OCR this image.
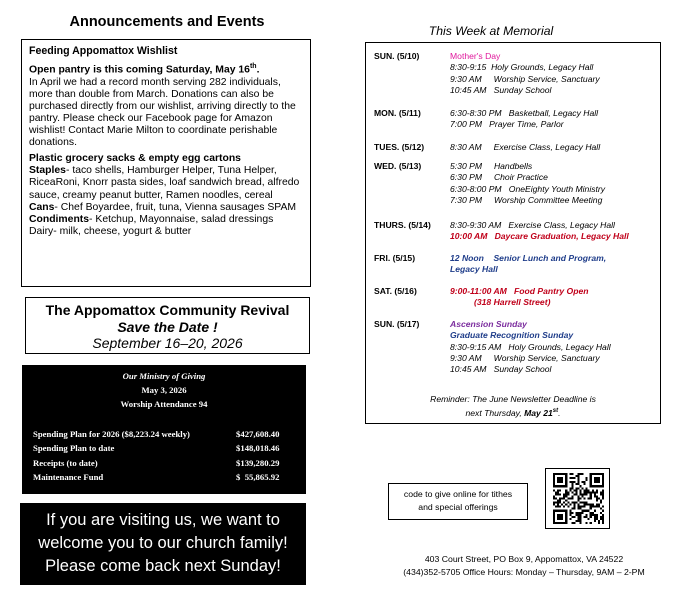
Announcements and Events

Feeding Appomattox Wishlist

Open pantry is this coming Saturday, May 16th.

In April we had a record month serving 282 individuals, more than double from March. Donations can also be purchased directly from our wishlist, arriving directly to the pantry. Please check our Facebook page for Amazon wishlist! Contact Marie Milton to coordinate perishable donations.

Plastic grocery sacks & empty egg cartons

Staples- taco shells, Hamburger Helper, Tuna Helper, RiceaRoni, Knorr pasta sides, loaf sandwich bread, alfredo sauce, creamy peanut butter, Ramen noodles, cereal

Cans- Chef Boyardee, fruit, tuna, Vienna sausages SPAM

Condiments- Ketchup, Mayonnaise, salad dressings

Dairy- milk, cheese, yogurt & butter

The Appomattox Community Revival
Save the Date !
September 16–20, 2026
Our Ministry of Giving
May 3, 2026
Worship Attendance 94
Spending Plan for 2026 ($8,223.24 weekly)	$427,608.40
Spending Plan to date	$148,018.46
Receipts (to date)	$139,280.29
Maintenance Fund	$  55,865.92
If you are visiting us, we want to
welcome you to our church family!
Please come back next Sunday!
This Week at Memorial
SUN. (5/10)	Mother's Day
8:30-9:15  Holy Grounds, Legacy Hall
9:30 AM     Worship Service, Sanctuary
10:45 AM   Sunday School
MON. (5/11)	6:30-8:30 PM   Basketball, Legacy Hall
7:00 PM   Prayer Time, Parlor
TUES. (5/12)	8:30 AM     Exercise Class, Legacy Hall
WED. (5/13)	5:30 PM     Handbells
6:30 PM     Choir Practice
6:30-8:00 PM   OneEighty Youth Ministry
7:30 PM     Worship Committee Meeting
THURS. (5/14) 8:30-9:30 AM   Exercise Class, Legacy Hall
10:00 AM   Daycare Graduation, Legacy Hall
FRI. (5/15)	12 Noon    Senior Lunch and Program,
Legacy Hall
SAT. (5/16)	9:00-11:00 AM   Food Pantry Open
(318 Harrell Street)
SUN. (5/17)	Ascension Sunday
Graduate Recognition Sunday
8:30-9:15 AM   Holy Grounds, Legacy Hall
9:30 AM     Worship Service, Sanctuary
10:45 AM   Sunday School
Reminder: The June Newsletter Deadline is
next Thursday, May 21st.
code to give online for tithes
and special offerings
403 Court Street, PO Box 9, Appomattox, VA 24522
(434)352-5705 Office Hours: Monday – Thursday, 9AM – 2-PM
